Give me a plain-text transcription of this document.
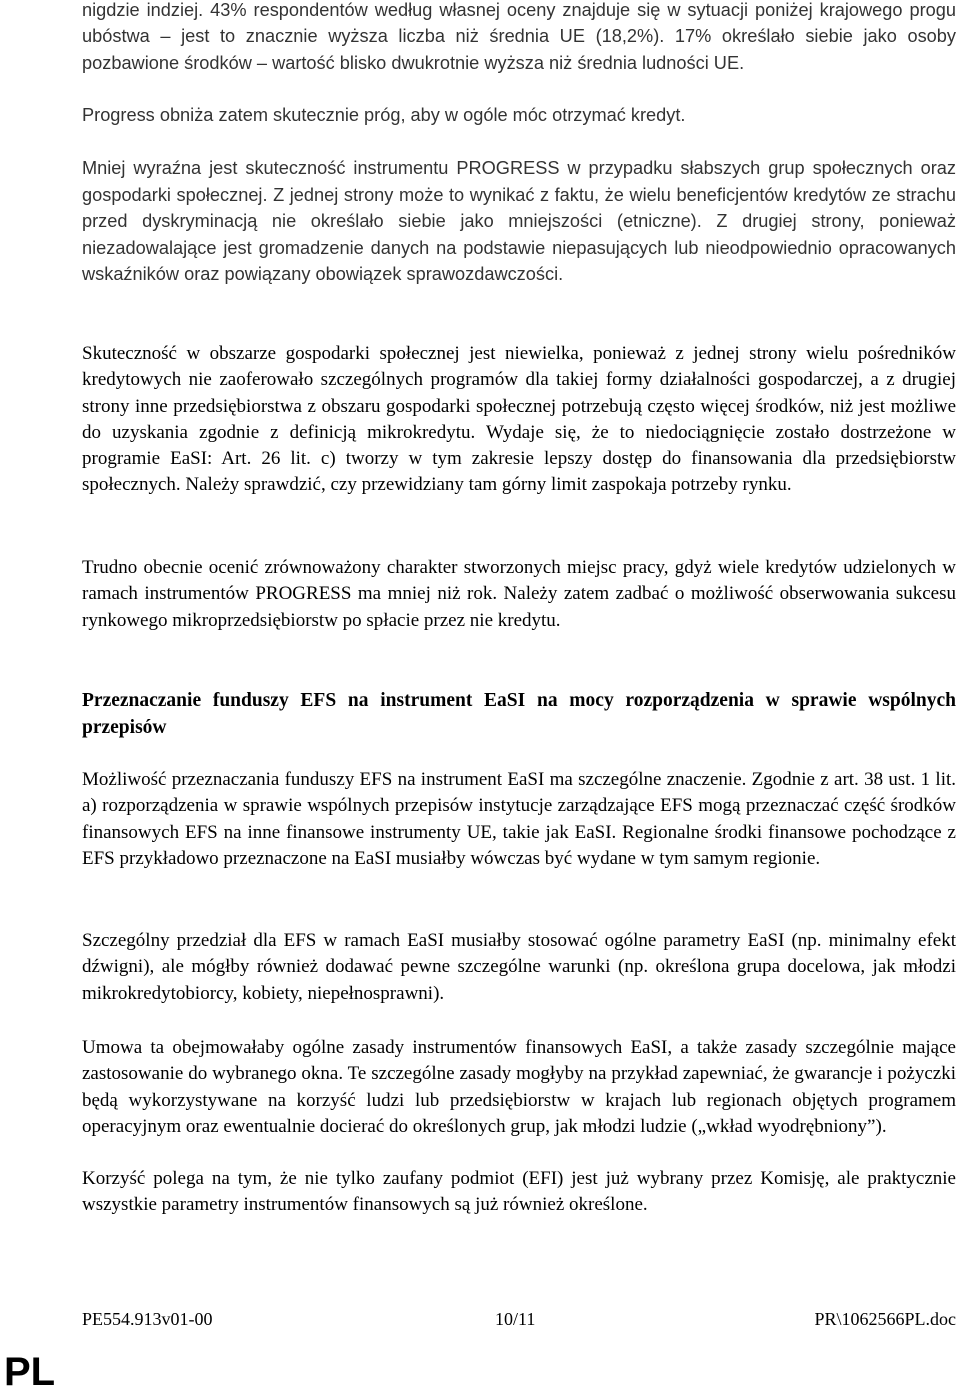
nigdzie indziej. 43% respondentów według własnej oceny znajduje się w sytuacji poniżej krajowego progu ubóstwa – jest to znacznie wyższa liczba niż średnia UE (18,2%). 17% określało siebie jako osoby pozbawione środków – wartość blisko dwukrotnie wyższa niż średnia ludności UE.

Progress obniża zatem skutecznie próg, aby w ogóle móc otrzymać kredyt.

Mniej wyraźna jest skuteczność instrumentu PROGRESS w przypadku słabszych grup społecznych oraz gospodarki społecznej. Z jednej strony może to wynikać z faktu, że wielu beneficjentów kredytów ze strachu przed dyskryminacją nie określało siebie jako mniejszości (etniczne). Z drugiej strony, ponieważ niezadowalające jest gromadzenie danych na podstawie niepasujących lub nieodpowiednio opracowanych wskaźników oraz powiązany obowiązek sprawozdawczości.

Skuteczność w obszarze gospodarki społecznej jest niewielka, ponieważ z jednej strony wielu pośredników kredytowych nie zaoferowało szczególnych programów dla takiej formy działalności gospodarczej, a z drugiej strony inne przedsiębiorstwa z obszaru gospodarki społecznej potrzebują często więcej środków, niż jest możliwe do uzyskania zgodnie z definicją mikrokredytu. Wydaje się, że to niedociągnięcie zostało dostrzeżone w programie EaSI: Art. 26 lit. c) tworzy w tym zakresie lepszy dostęp do finansowania dla przedsiębiorstw społecznych. Należy sprawdzić, czy przewidziany tam górny limit zaspokaja potrzeby rynku.

Trudno obecnie ocenić zrównoważony charakter stworzonych miejsc pracy, gdyż wiele kredytów udzielonych w ramach instrumentów PROGRESS ma mniej niż rok. Należy zatem zadbać o możliwość obserwowania sukcesu rynkowego mikroprzedsiębiorstw po spłacie przez nie kredytu.

Przeznaczanie funduszy EFS na instrument EaSI na mocy rozporządzenia w sprawie wspólnych przepisów

Możliwość przeznaczania funduszy EFS na instrument EaSI ma szczególne znaczenie. Zgodnie z art. 38 ust. 1 lit. a) rozporządzenia w sprawie wspólnych przepisów instytucje zarządzające EFS mogą przeznaczać część środków finansowych EFS na inne finansowe instrumenty UE, takie jak EaSI. Regionalne środki finansowe pochodzące z EFS przykładowo przeznaczone na EaSI musiałby wówczas być wydane w tym samym regionie.

Szczególny przedział dla EFS w ramach EaSI musiałby stosować ogólne parametry EaSI (np. minimalny efekt dźwigni), ale mógłby również dodawać pewne szczególne warunki (np. określona grupa docelowa, jak młodzi mikrokredytobiorcy, kobiety, niepełnosprawni).

Umowa ta obejmowałaby ogólne zasady instrumentów finansowych EaSI, a także zasady szczególnie mające zastosowanie do wybranego okna. Te szczególne zasady mogłyby na przykład zapewniać, że gwarancje i pożyczki będą wykorzystywane na korzyść ludzi lub przedsiębiorstw w krajach lub regionach objętych programem operacyjnym oraz ewentualnie docierać do określonych grup, jak młodzi ludzie („wkład wyodrębniony”).

Korzyść polega na tym, że nie tylko zaufany podmiot (EFI) jest już wybrany przez Komisję, ale praktycznie wszystkie parametry instrumentów finansowych są już również określone.

PE554.913v01-00	10/11	PR\1062566PL.doc
PL
